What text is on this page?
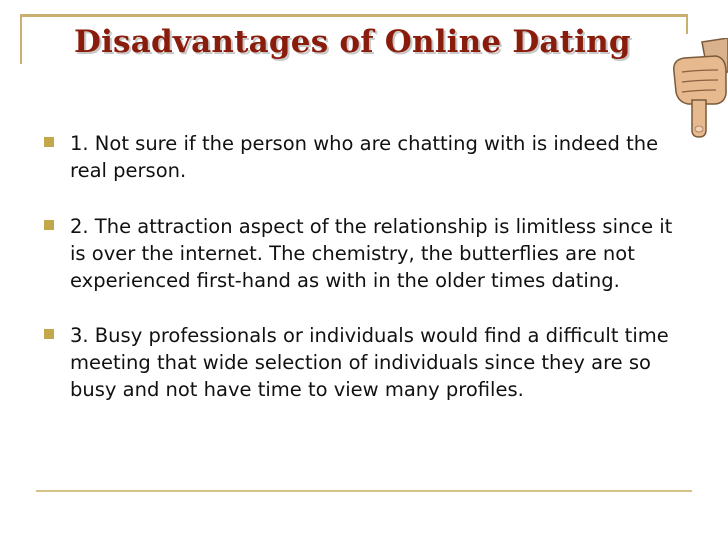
Disadvantages of Online Dating

1. Not sure if the person who are chatting with is indeed the real person.

2. The attraction aspect of the relationship is limitless since it is over the internet. The chemistry, the butterflies are not experienced first-hand as with in the older times dating.

3. Busy professionals or individuals would find a difficult time meeting that wide selection of individuals since they are so busy and not have time to view many profiles.
